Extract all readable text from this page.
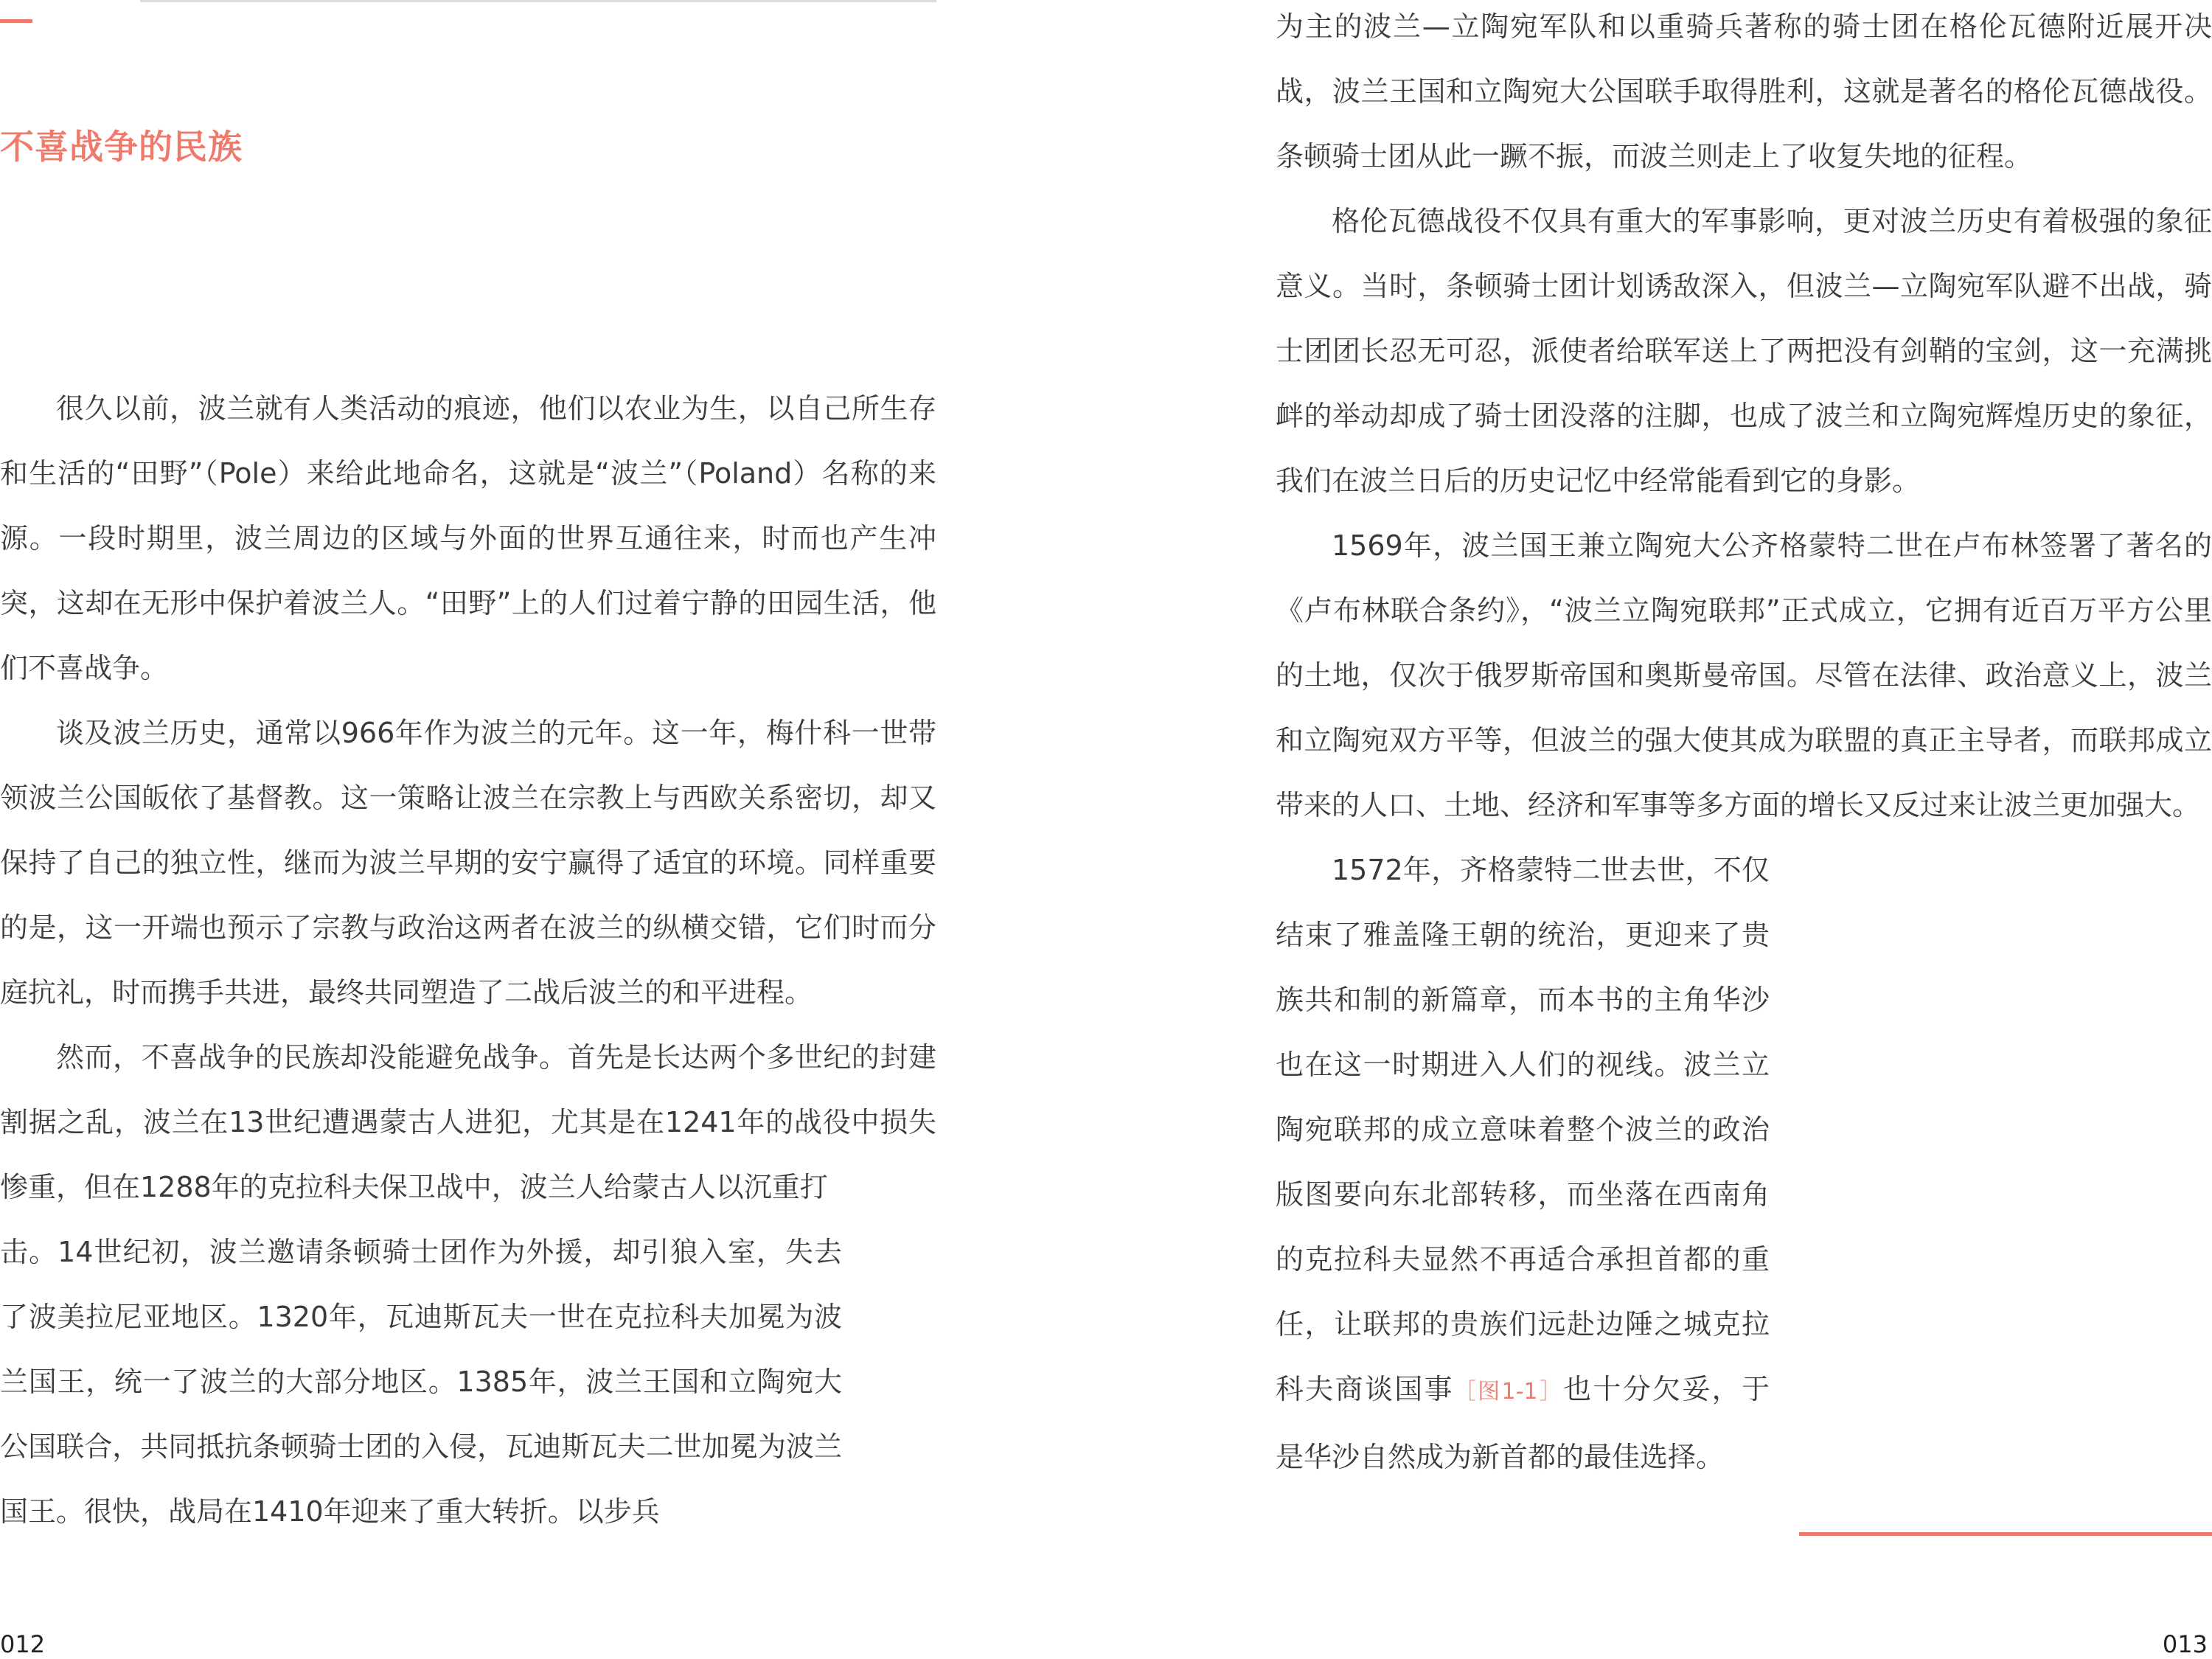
不喜战争的民族

很久以前，波兰就有人类活动的痕迹，他们以农业为生，以自己所生存和生活的“田野”（Pole）来给此地命名，这就是“波兰”（Poland）名称的来源。一段时期里，波兰周边的区域与外面的世界互通往来，时而也产生冲突，这却在无形中保护着波兰人。“田野”上的人们过着宁静的田园生活，他们不喜战争。

谈及波兰历史，通常以966年作为波兰的元年。这一年，梅什科一世带领波兰公国皈依了基督教。这一策略让波兰在宗教上与西欧关系密切，却又保持了自己的独立性，继而为波兰早期的安宁赢得了适宜的环境。同样重要的是，这一开端也预示了宗教与政治这两者在波兰的纵横交错，它们时而分庭抗礼，时而携手共进，最终共同塑造了二战后波兰的和平进程。

然而，不喜战争的民族却没能避免战争。首先是长达两个多世纪的封建割据之乱，波兰在13世纪遭遇蒙古人进犯，尤其是在1241年的战役中损失惨重，但在1288年的克拉科夫保卫战中，波兰人给蒙古人以沉重打

击。14世纪初，波兰邀请条顿骑士团作为外援，却引狼入室，失去了波美拉尼亚地区。1320年，瓦迪斯瓦夫一世在克拉科夫加冕为波兰国王，统一了波兰的大部分地区。1385年，波兰王国和立陶宛大公国联合，共同抵抗条顿骑士团的入侵，瓦迪斯瓦夫二世加冕为波兰国王。很快，战局在1410年迎来了重大转折。以步兵

为主的波兰—立陶宛军队和以重骑兵著称的骑士团在格伦瓦德附近展开决战，波兰王国和立陶宛大公国联手取得胜利，这就是著名的格伦瓦德战役。条顿骑士团从此一蹶不振，而波兰则走上了收复失地的征程。

格伦瓦德战役不仅具有重大的军事影响，更对波兰历史有着极强的象征意义。当时，条顿骑士团计划诱敌深入，但波兰—立陶宛军队避不出战，骑士团团长忍无可忍，派使者给联军送上了两把没有剑鞘的宝剑，这一充满挑衅的举动却成了骑士团没落的注脚，也成了波兰和立陶宛辉煌历史的象征，我们在波兰日后的历史记忆中经常能看到它的身影。

1569年，波兰国王兼立陶宛大公齐格蒙特二世在卢布林签署了著名的《卢布林联合条约》，“波兰立陶宛联邦”正式成立，它拥有近百万平方公里的土地，仅次于俄罗斯帝国和奥斯曼帝国。尽管在法律、政治意义上，波兰和立陶宛双方平等，但波兰的强大使其成为联盟的真正主导者，而联邦成立带来的人口、土地、经济和军事等多方面的增长又反过来让波兰更加强大。

1572年，齐格蒙特二世去世，不仅结束了雅盖隆王朝的统治，更迎来了贵族共和制的新篇章，而本书的主角华沙也在这一时期进入人们的视线。波兰立陶宛联邦的成立意味着整个波兰的政治版图要向东北部转移，而坐落在西南角的克拉科夫显然不再适合承担首都的重任，让联邦的贵族们远赴边陲之城克拉科夫商谈国事［图1-1］也十分欠妥，于是华沙自然成为新首都的最佳选择。

012	013
